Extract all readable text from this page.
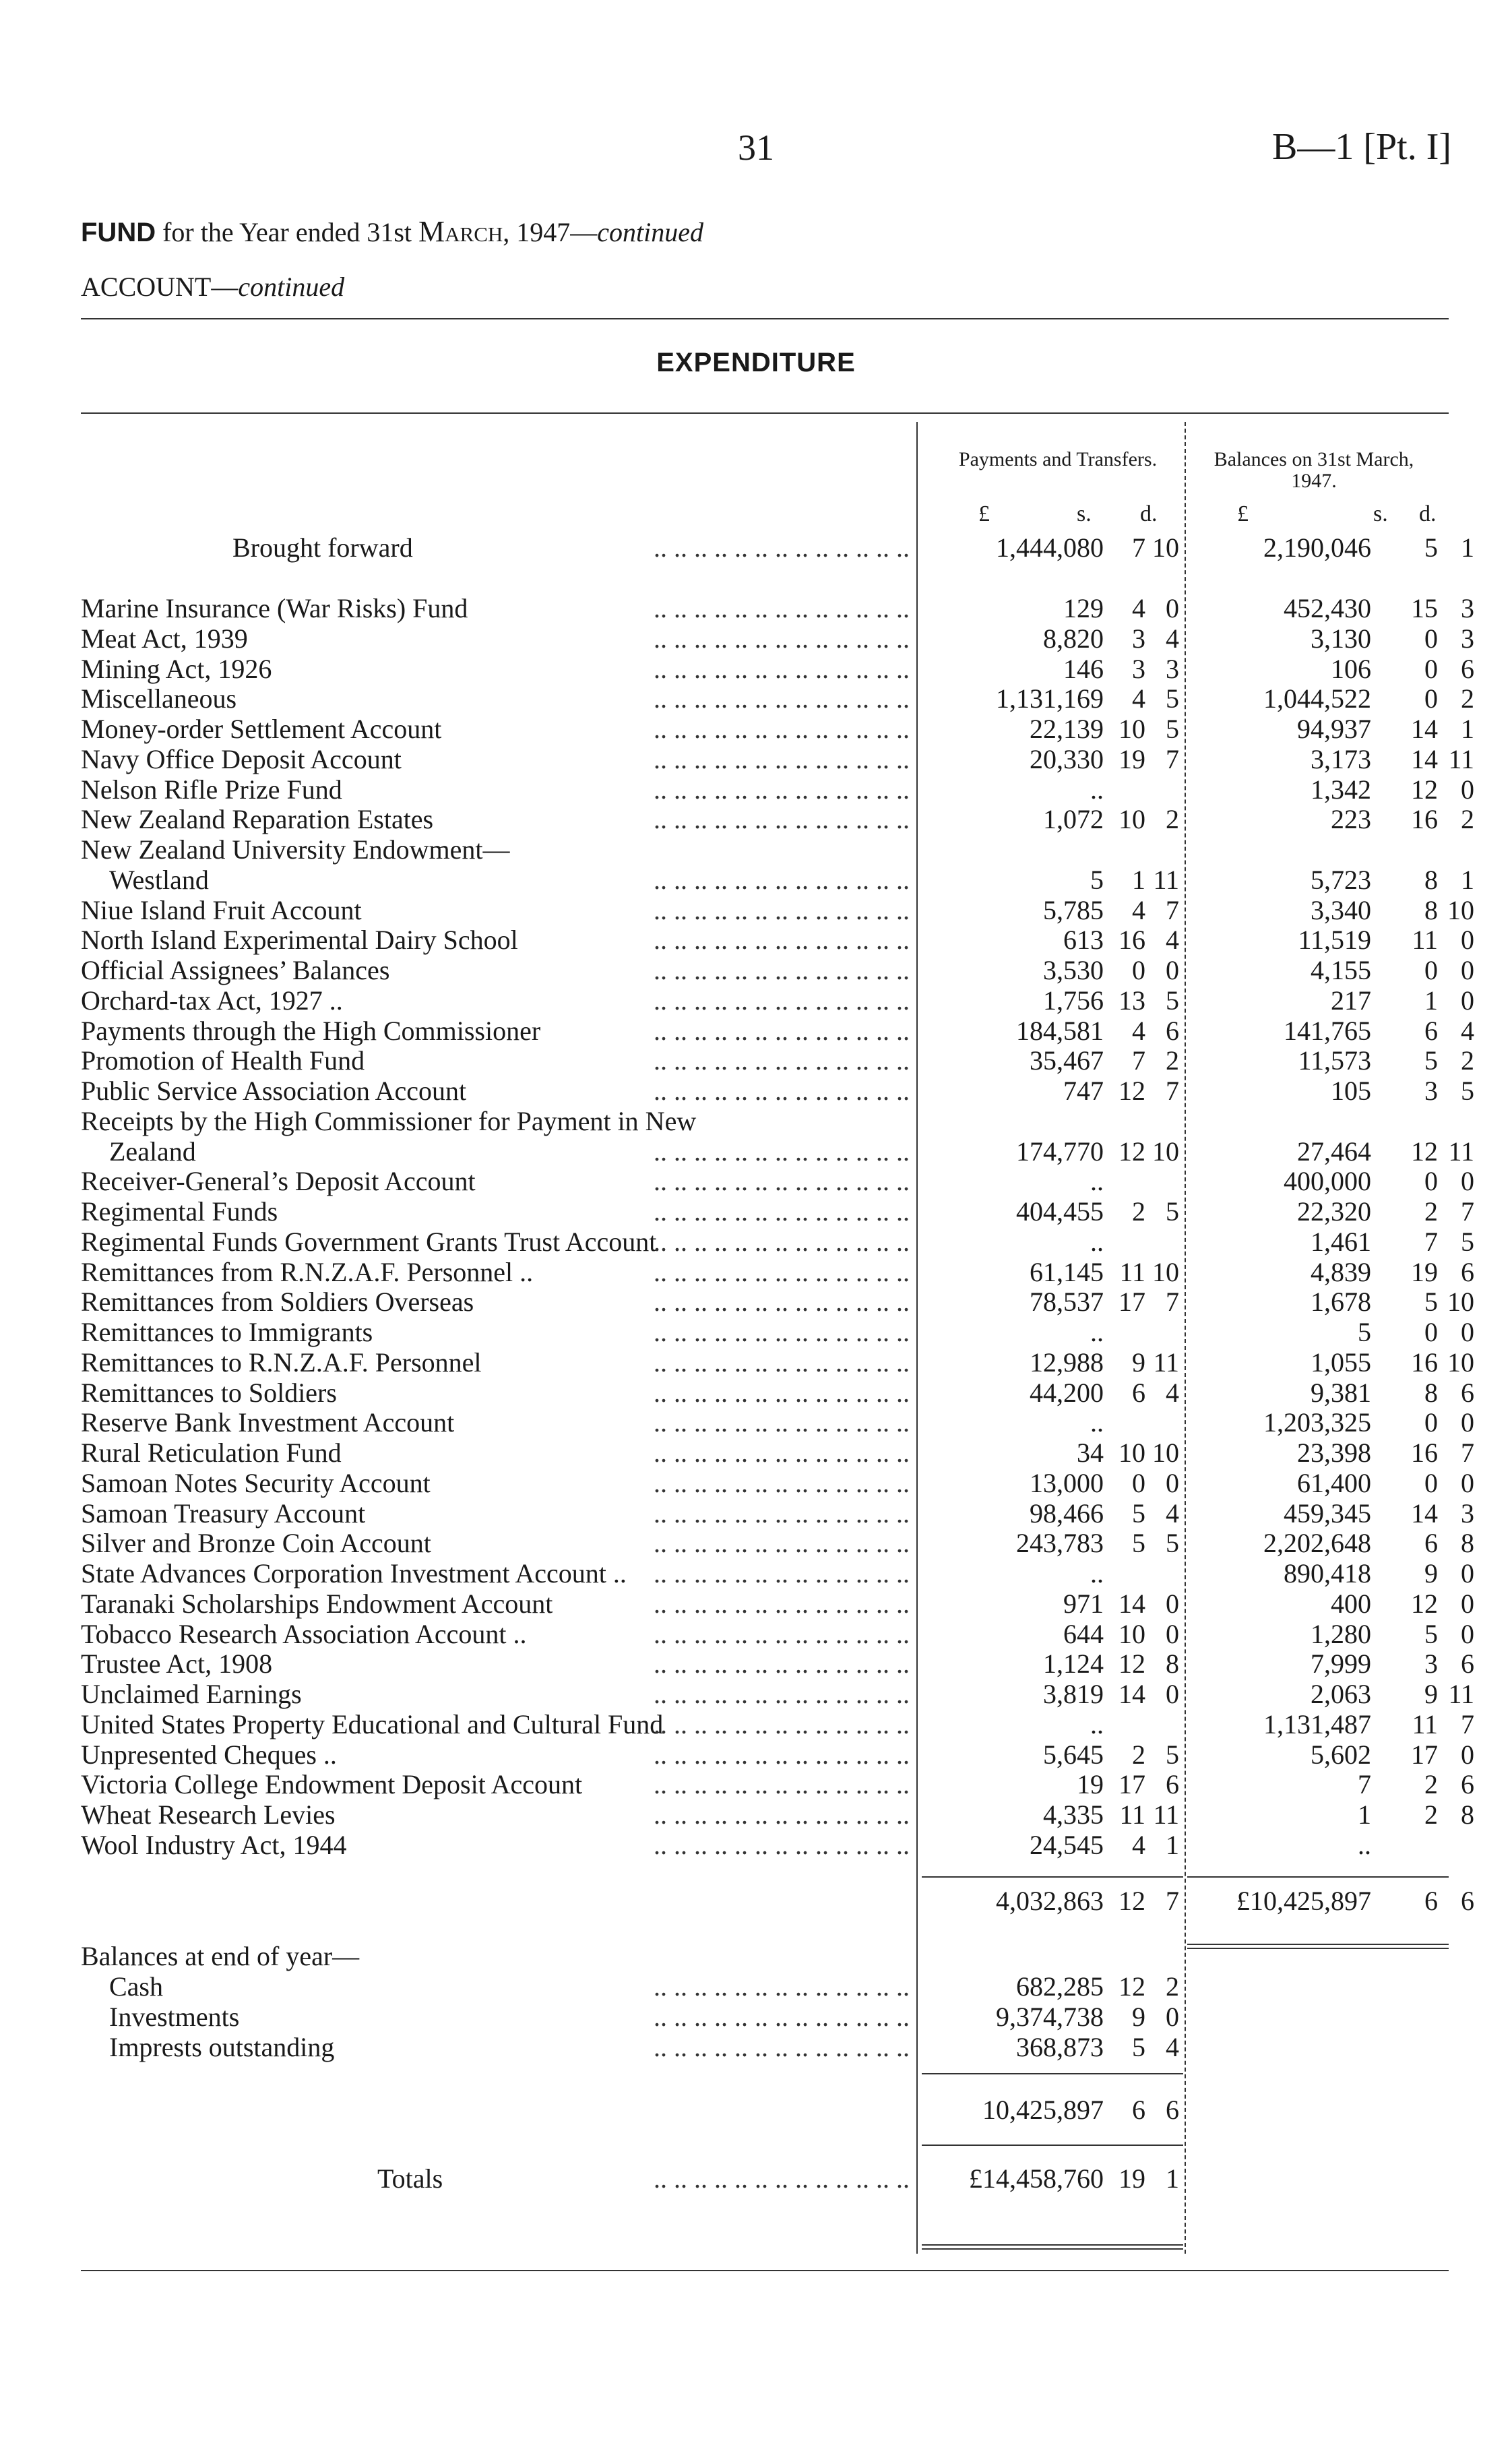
31	B—1 [Pt. I]
FUND for the Year ended 31st March, 1947—continued
ACCOUNT—continued
EXPENDITURE
Payments and Transfers.	Balances on 31st March, 1947.
£	s. d.	£	s. d.
Brought forward	.. .. .. .. .. .. .. .. .. .. .. .. ..	1,444,080 7 10	2,190,046 5 1
Marine Insurance (War Risks) Fund	.. .. .. .. .. .. .. .. .. .. .. .. ..	129 4 0	452,430 15 3
Meat Act, 1939	.. .. .. .. .. .. .. .. .. .. .. .. ..	8,820 3 4	3,130 0 3
Mining Act, 1926	.. .. .. .. .. .. .. .. .. .. .. .. ..	146 3 3	106 0 6
Miscellaneous	.. .. .. .. .. .. .. .. .. .. .. .. ..	1,131,169 4 5	1,044,522 0 2
Money-order Settlement Account	.. .. .. .. .. .. .. .. .. .. .. .. ..	22,139 10 5	94,937 14 1
Navy Office Deposit Account	.. .. .. .. .. .. .. .. .. .. .. .. ..	20,330 19 7	3,173 14 11
Nelson Rifle Prize Fund	.. .. .. .. .. .. .. .. .. .. .. .. ..	..	1,342 12 0
New Zealand Reparation Estates	.. .. .. .. .. .. .. .. .. .. .. .. ..	1,072 10 2	223 16 2
New Zealand University Endowment—
Westland	.. .. .. .. .. .. .. .. .. .. .. .. ..	5 1 11	5,723 8 1
Niue Island Fruit Account	.. .. .. .. .. .. .. .. .. .. .. .. ..	5,785 4 7	3,340 8 10
North Island Experimental Dairy School	.. .. .. .. .. .. .. .. .. .. .. .. ..	613 16 4	11,519 11 0
Official Assignees’ Balances	.. .. .. .. .. .. .. .. .. .. .. .. ..	3,530 0 0	4,155 0 0
Orchard-tax Act, 1927 ..	.. .. .. .. .. .. .. .. .. .. .. .. ..	1,756 13 5	217 1 0
Payments through the High Commissioner	.. .. .. .. .. .. .. .. .. .. .. .. ..	184,581 4 6	141,765 6 4
Promotion of Health Fund	.. .. .. .. .. .. .. .. .. .. .. .. ..	35,467 7 2	11,573 5 2
Public Service Association Account	.. .. .. .. .. .. .. .. .. .. .. .. ..	747 12 7	105 3 5
Receipts by the High Commissioner for Payment in New
Zealand	.. .. .. .. .. .. .. .. .. .. .. .. ..	174,770 12 10	27,464 12 11
Receiver-General’s Deposit Account	.. .. .. .. .. .. .. .. .. .. .. .. ..	..	400,000 0 0
Regimental Funds	.. .. .. .. .. .. .. .. .. .. .. .. ..	404,455 2 5	22,320 2 7
Regimental Funds Government Grants Trust Account
.. .. .. .. .. .. .. .. .. .. .. .. ..	..	1,461 7 5
Remittances from R.N.Z.A.F. Personnel ..	.. .. .. .. .. .. .. .. .. .. .. .. ..	61,145 11 10	4,839 19 6
Remittances from Soldiers Overseas	.. .. .. .. .. .. .. .. .. .. .. .. ..	78,537 17 7	1,678 5 10
Remittances to Immigrants	.. .. .. .. .. .. .. .. .. .. .. .. ..	..	5 0 0
Remittances to R.N.Z.A.F. Personnel	.. .. .. .. .. .. .. .. .. .. .. .. ..	12,988 9 11	1,055 16 10
Remittances to Soldiers	.. .. .. .. .. .. .. .. .. .. .. .. ..	44,200 6 4	9,381 8 6
Reserve Bank Investment Account	.. .. .. .. .. .. .. .. .. .. .. .. ..	..	1,203,325 0 0
Rural Reticulation Fund	.. .. .. .. .. .. .. .. .. .. .. .. ..	34 10 10	23,398 16 7
Samoan Notes Security Account	.. .. .. .. .. .. .. .. .. .. .. .. ..	13,000 0 0	61,400 0 0
Samoan Treasury Account	.. .. .. .. .. .. .. .. .. .. .. .. ..	98,466 5 4	459,345 14 3
Silver and Bronze Coin Account	.. .. .. .. .. .. .. .. .. .. .. .. ..	243,783 5 5	2,202,648 6 8
State Advances Corporation Investment Account .. .. .. .. .. .. .. .. .. .. .. .. .. ..	..	890,418 9 0
Taranaki Scholarships Endowment Account	.. .. .. .. .. .. .. .. .. .. .. .. ..	971 14 0	400 12 0
Tobacco Research Association Account ..	.. .. .. .. .. .. .. .. .. .. .. .. ..	644 10 0	1,280 5 0
Trustee Act, 1908	.. .. .. .. .. .. .. .. .. .. .. .. ..	1,124 12 8	7,999 3 6
Unclaimed Earnings	.. .. .. .. .. .. .. .. .. .. .. .. ..	3,819 14 0	2,063 9 11
United States Property Educational and Cultural Fund
.. .. .. .. .. .. .. .. .. .. .. .. ..	..	1,131,487 11 7
Unpresented Cheques ..	.. .. .. .. .. .. .. .. .. .. .. .. ..	5,645 2 5	5,602 17 0
Victoria College Endowment Deposit Account	.. .. .. .. .. .. .. .. .. .. .. .. ..	19 17 6	7 2 6
Wheat Research Levies	.. .. .. .. .. .. .. .. .. .. .. .. ..	4,335 11 11	1 2 8
Wool Industry Act, 1944	.. .. .. .. .. .. .. .. .. .. .. .. ..	24,545 4 1	..
4,032,863 12 7 £10,425,897 6 6
Balances at end of year—
Cash	.. .. .. .. .. .. .. .. .. .. .. .. ..	682,285 12 2
Investments	.. .. .. .. .. .. .. .. .. .. .. .. ..	9,374,738 9 0
Imprests outstanding	.. .. .. .. .. .. .. .. .. .. .. .. ..	368,873 5 4
10,425,897 6 6
Totals	.. .. .. .. .. .. .. .. .. .. .. .. .. £14,458,760 19 1
